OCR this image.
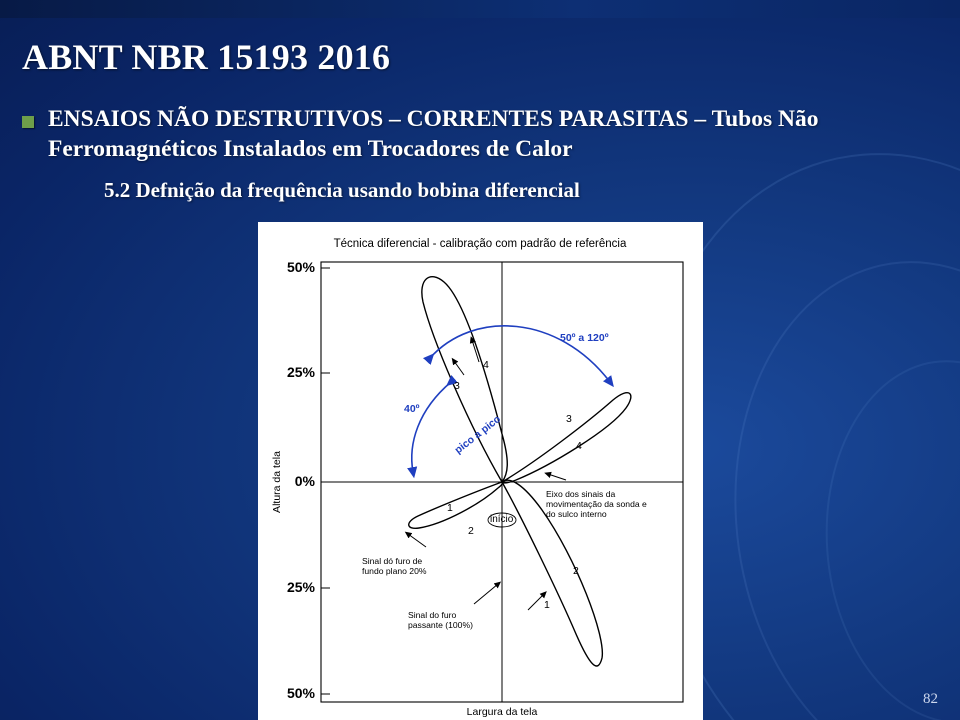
ABNT NBR 15193 2016
ENSAIOS NÃO DESTRUTIVOS – CORRENTES PARASITAS – Tubos Não Ferromagnéticos Instalados em Trocadores de Calor
5.2 Defnição da frequência usando bobina diferencial
Técnica diferencial - calibração com padrão de referência
50%
25%
0%
25%
50%
Altura da tela
Largura da tela
50º a 120º
40º
pico a pico
3
4
1
2
3
4
2
1
início
Eixo dos sinais da movimentação da sonda e do sulco interno
Sinal dó furo de fundo plano 20%
Sinal do furo passante (100%)
82
